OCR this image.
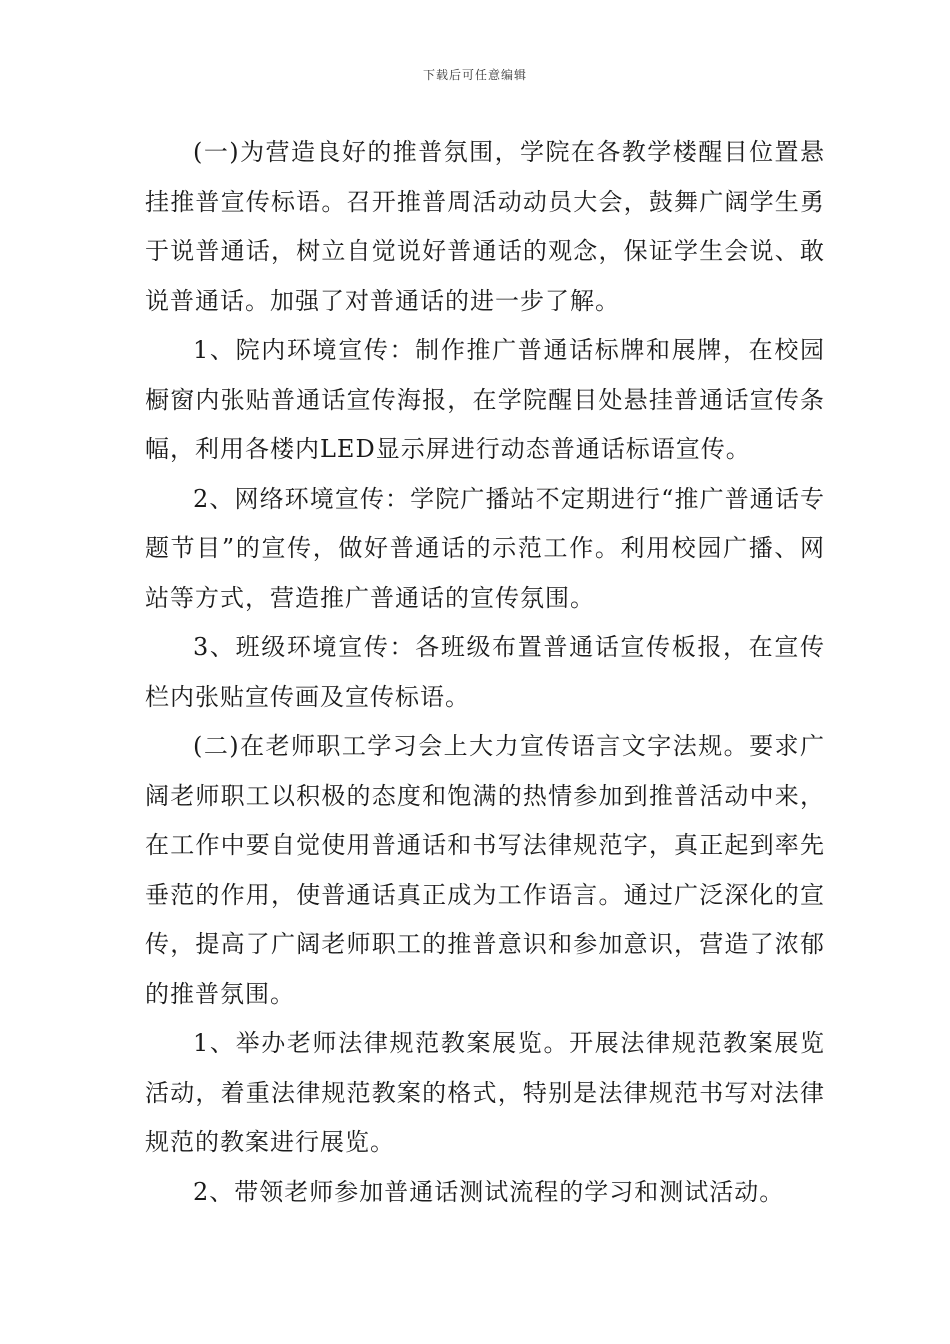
下载后可任意编辑

(一)为营造良好的推普氛围，学院在各教学楼醒目位置悬挂推普宣传标语。召开推普周活动动员大会，鼓舞广阔学生勇于说普通话，树立自觉说好普通话的观念，保证学生会说、敢说普通话。加强了对普通话的进一步了解。

1、院内环境宣传：制作推广普通话标牌和展牌，在校园橱窗内张贴普通话宣传海报，在学院醒目处悬挂普通话宣传条幅，利用各楼内LED显示屏进行动态普通话标语宣传。

2、网络环境宣传：学院广播站不定期进行“推广普通话专题节目”的宣传，做好普通话的示范工作。利用校园广播、网站等方式，营造推广普通话的宣传氛围。

3、班级环境宣传：各班级布置普通话宣传板报，在宣传栏内张贴宣传画及宣传标语。

(二)在老师职工学习会上大力宣传语言文字法规。要求广阔老师职工以积极的态度和饱满的热情参加到推普活动中来，在工作中要自觉使用普通话和书写法律规范字，真正起到率先垂范的作用，使普通话真正成为工作语言。通过广泛深化的宣传，提高了广阔老师职工的推普意识和参加意识，营造了浓郁的推普氛围。

1、举办老师法律规范教案展览。开展法律规范教案展览活动，着重法律规范教案的格式，特别是法律规范书写对法律规范的教案进行展览。

2、带领老师参加普通话测试流程的学习和测试活动。
